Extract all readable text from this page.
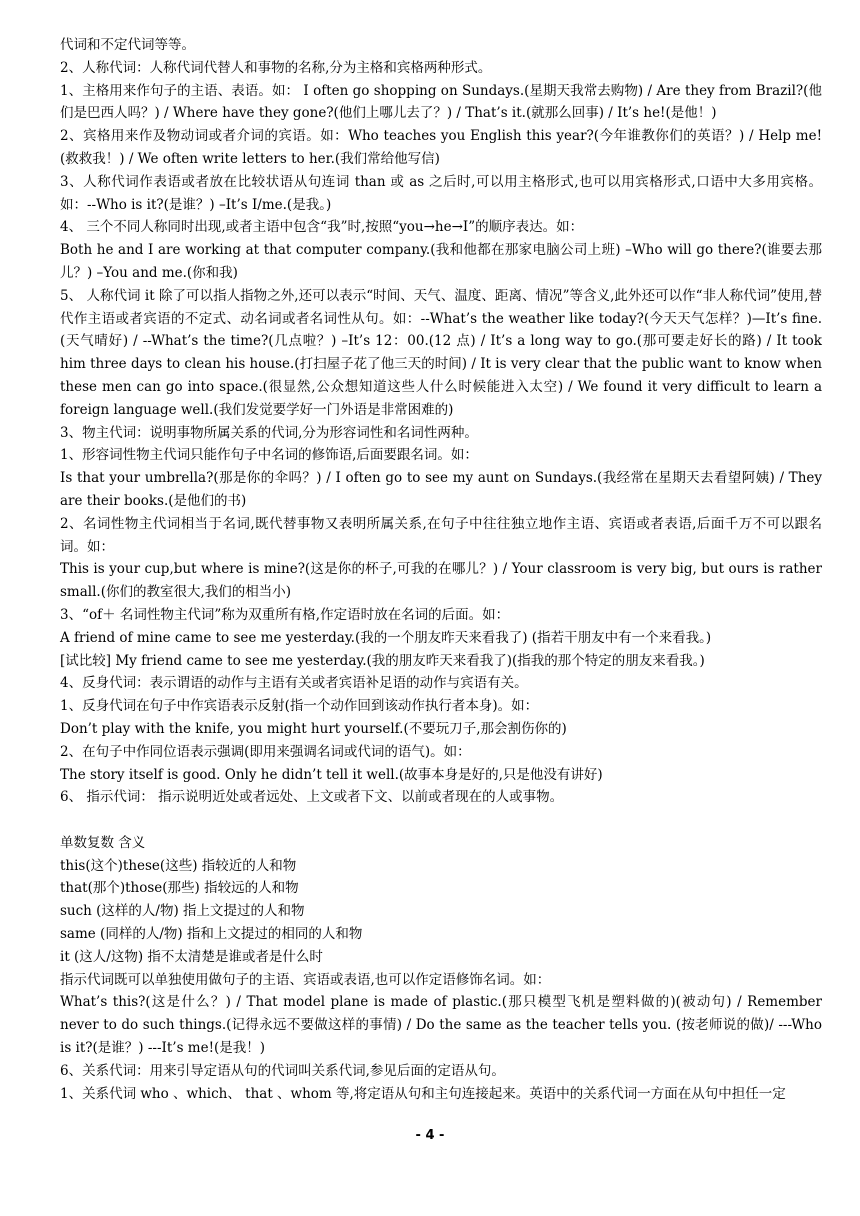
代词和不定代词等等。

2、人称代词：人称代词代替人和事物的名称,分为主格和宾格两种形式。

1、主格用来作句子的主语、表语。如： I often go shopping on Sundays.(星期天我常去购物) / Are they from Brazil?(他们是巴西人吗？) / Where have they gone?(他们上哪儿去了？) / That’s it.(就那么回事) / It’s he!(是他！)

2、宾格用来作及物动词或者介词的宾语。如：Who teaches you English this year?(今年谁教你们的英语？) / Help me!(救救我！) / We often write letters to her.(我们常给他写信)

3、人称代词作表语或者放在比较状语从句连词 than 或 as 之后时,可以用主格形式,也可以用宾格形式,口语中大多用宾格。如：--Who is it?(是谁？) –It’s I/me.(是我。)

4、 三个不同人称同时出现,或者主语中包含“我”时,按照“you→he→I”的顺序表达。如：

Both he and I are working at that computer company.(我和他都在那家电脑公司上班) –Who will go there?(谁要去那儿？) –You and me.(你和我)

5、 人称代词 it 除了可以指人指物之外,还可以表示“时间、天气、温度、距离、情况”等含义,此外还可以作“非人称代词”使用,替代作主语或者宾语的不定式、动名词或者名词性从句。如：--What’s the weather like today?(今天天气怎样？)—It’s fine.(天气晴好) / --What’s the time?(几点啦？) –It’s 12：00.(12 点) / It’s a long way to go.(那可要走好长的路) / It took him three days to clean his house.(打扫屋子花了他三天的时间) / It is very clear that the public want to know when these men can go into space.(很显然,公众想知道这些人什么时候能进入太空) / We found it very difficult to learn a foreign language well.(我们发觉要学好一门外语是非常困难的)

3、物主代词：说明事物所属关系的代词,分为形容词性和名词性两种。

1、形容词性物主代词只能作句子中名词的修饰语,后面要跟名词。如：

Is that your umbrella?(那是你的伞吗？) / I often go to see my aunt on Sundays.(我经常在星期天去看望阿姨) / They are their books.(是他们的书)

2、名词性物主代词相当于名词,既代替事物又表明所属关系,在句子中往往独立地作主语、宾语或者表语,后面千万不可以跟名词。如：

This is your cup,but where is mine?(这是你的杯子,可我的在哪儿？) / Your classroom is very big, but ours is rather small.(你们的教室很大,我们的相当小)

3、“of＋ 名词性物主代词”称为双重所有格,作定语时放在名词的后面。如：

A friend of mine came to see me yesterday.(我的一个朋友昨天来看我了) (指若干朋友中有一个来看我。)

[试比较] My friend came to see me yesterday.(我的朋友昨天来看我了)(指我的那个特定的朋友来看我。)

4、反身代词：表示谓语的动作与主语有关或者宾语补足语的动作与宾语有关。

1、反身代词在句子中作宾语表示反射(指一个动作回到该动作执行者本身)。如：

Don’t play with the knife, you might hurt yourself.(不要玩刀子,那会割伤你的)

2、在句子中作同位语表示强调(即用来强调名词或代词的语气)。如：

The story itself is good. Only he didn’t tell it well.(故事本身是好的,只是他没有讲好)

6、 指示代词： 指示说明近处或者远处、上文或者下文、以前或者现在的人或事物。

单数复数 含义

this(这个)these(这些) 指较近的人和物

that(那个)those(那些) 指较远的人和物

such (这样的人/物) 指上文提过的人和物

same (同样的人/物) 指和上文提过的相同的人和物

it (这人/这物) 指不太清楚是谁或者是什么时

指示代词既可以单独使用做句子的主语、宾语或表语,也可以作定语修饰名词。如：

What’s this?(这是什么？) / That model plane is made of plastic.(那只模型飞机是塑料做的)(被动句) / Remember never to do such things.(记得永远不要做这样的事情) / Do the same as the teacher tells you. (按老师说的做)/ ---Who is it?(是谁？) ---It’s me!(是我！)

6、关系代词：用来引导定语从句的代词叫关系代词,参见后面的定语从句。

1、关系代词 who 、which、 that 、whom 等,将定语从句和主句连接起来。英语中的关系代词一方面在从句中担任一定

- 4 -
